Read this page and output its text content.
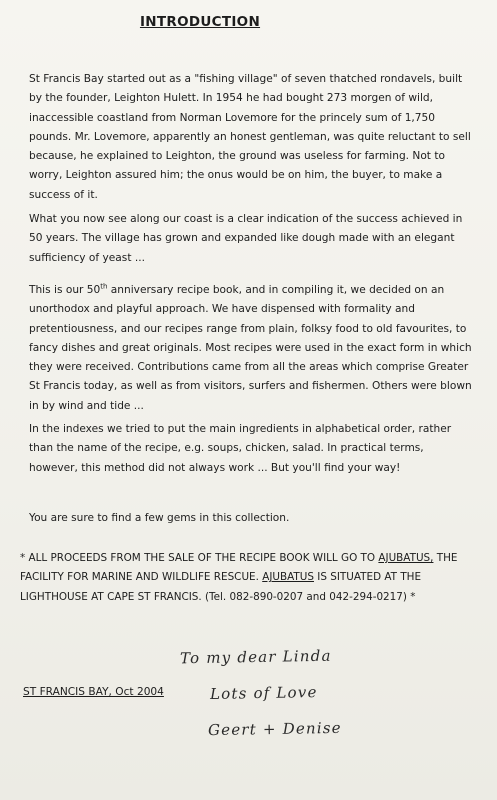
INTRODUCTION

St Francis Bay started out as a "fishing village" of seven thatched rondavels, built by the founder, Leighton Hulett. In 1954 he had bought 273 morgen of wild, inaccessible coastland from Norman Lovemore for the princely sum of 1,750 pounds. Mr. Lovemore, apparently an honest gentleman, was quite reluctant to sell because, he explained to Leighton, the ground was useless for farming. Not to worry, Leighton assured him; the onus would be on him, the buyer, to make a success of it.

What you now see along our coast is a clear indication of the success achieved in 50 years. The village has grown and expanded like dough made with an elegant sufficiency of yeast ...

This is our 50th anniversary recipe book, and in compiling it, we decided on an unorthodox and playful approach. We have dispensed with formality and pretentiousness, and our recipes range from plain, folksy food to old favourites, to fancy dishes and great originals. Most recipes were used in the exact form in which they were received. Contributions came from all the areas which comprise Greater St Francis today, as well as from visitors, surfers and fishermen. Others were blown in by wind and tide ...

In the indexes we tried to put the main ingredients in alphabetical order, rather than the name of the recipe, e.g. soups, chicken, salad. In practical terms, however, this method did not always work ... But you'll find your way!

You are sure to find a few gems in this collection.

* ALL PROCEEDS FROM THE SALE OF THE RECIPE BOOK WILL GO TO AJUBATUS, THE FACILITY FOR MARINE AND WILDLIFE RESCUE. AJUBATUS IS SITUATED AT THE LIGHTHOUSE AT CAPE ST FRANCIS. (Tel. 082-890-0207 and 042-294-0217) *

ST FRANCIS BAY, Oct 2004
To my dear Linda
Lots of Love
Geert + Denise
